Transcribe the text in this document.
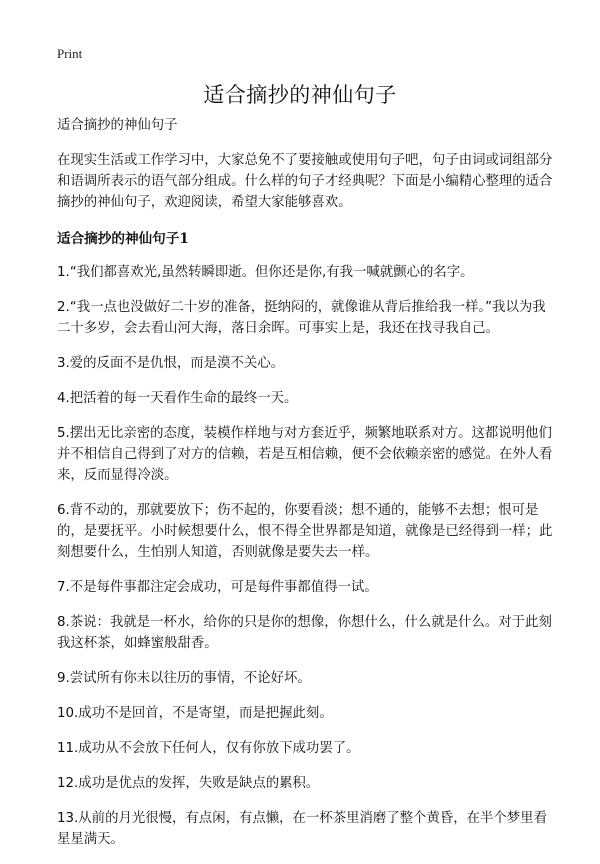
Print
适合摘抄的神仙句子

适合摘抄的神仙句子

在现实生活或工作学习中，大家总免不了要接触或使用句子吧，句子由词或词组部分和语调所表示的语气部分组成。什么样的句子才经典呢？下面是小编精心整理的适合摘抄的神仙句子，欢迎阅读，希望大家能够喜欢。

适合摘抄的神仙句子1

1.“我们都喜欢光,虽然转瞬即逝。但你还是你,有我一喊就颤心的名字。

2.“我一点也没做好二十岁的准备，挺纳闷的，就像谁从背后推给我一样。”我以为我二十多岁，会去看山河大海，落日余晖。可事实上是，我还在找寻我自己。

3.爱的反面不是仇恨，而是漠不关心。

4.把活着的每一天看作生命的最终一天。

5.摆出无比亲密的态度，装模作样地与对方套近乎，频繁地联系对方。这都说明他们并不相信自己得到了对方的信赖，若是互相信赖，便不会依赖亲密的感觉。在外人看来，反而显得冷淡。

6.背不动的，那就要放下；伤不起的，你要看淡；想不通的，能够不去想；恨可是的，是要抚平。小时候想要什么，恨不得全世界都是知道，就像是已经得到一样；此刻想要什么，生怕别人知道，否则就像是要失去一样。

7.不是每件事都注定会成功，可是每件事都值得一试。

8.茶说：我就是一杯水，给你的只是你的想像，你想什么，什么就是什么。对于此刻我这杯茶，如蜂蜜般甜香。

9.尝试所有你未以往历的事情，不论好坏。

10.成功不是回首，不是寄望，而是把握此刻。

11.成功从不会放下任何人，仅有你放下成功罢了。

12.成功是优点的发挥，失败是缺点的累积。

13.从前的月光很慢，有点闲，有点懒，在一杯茶里消磨了整个黄昏，在半个梦里看星星满天。
